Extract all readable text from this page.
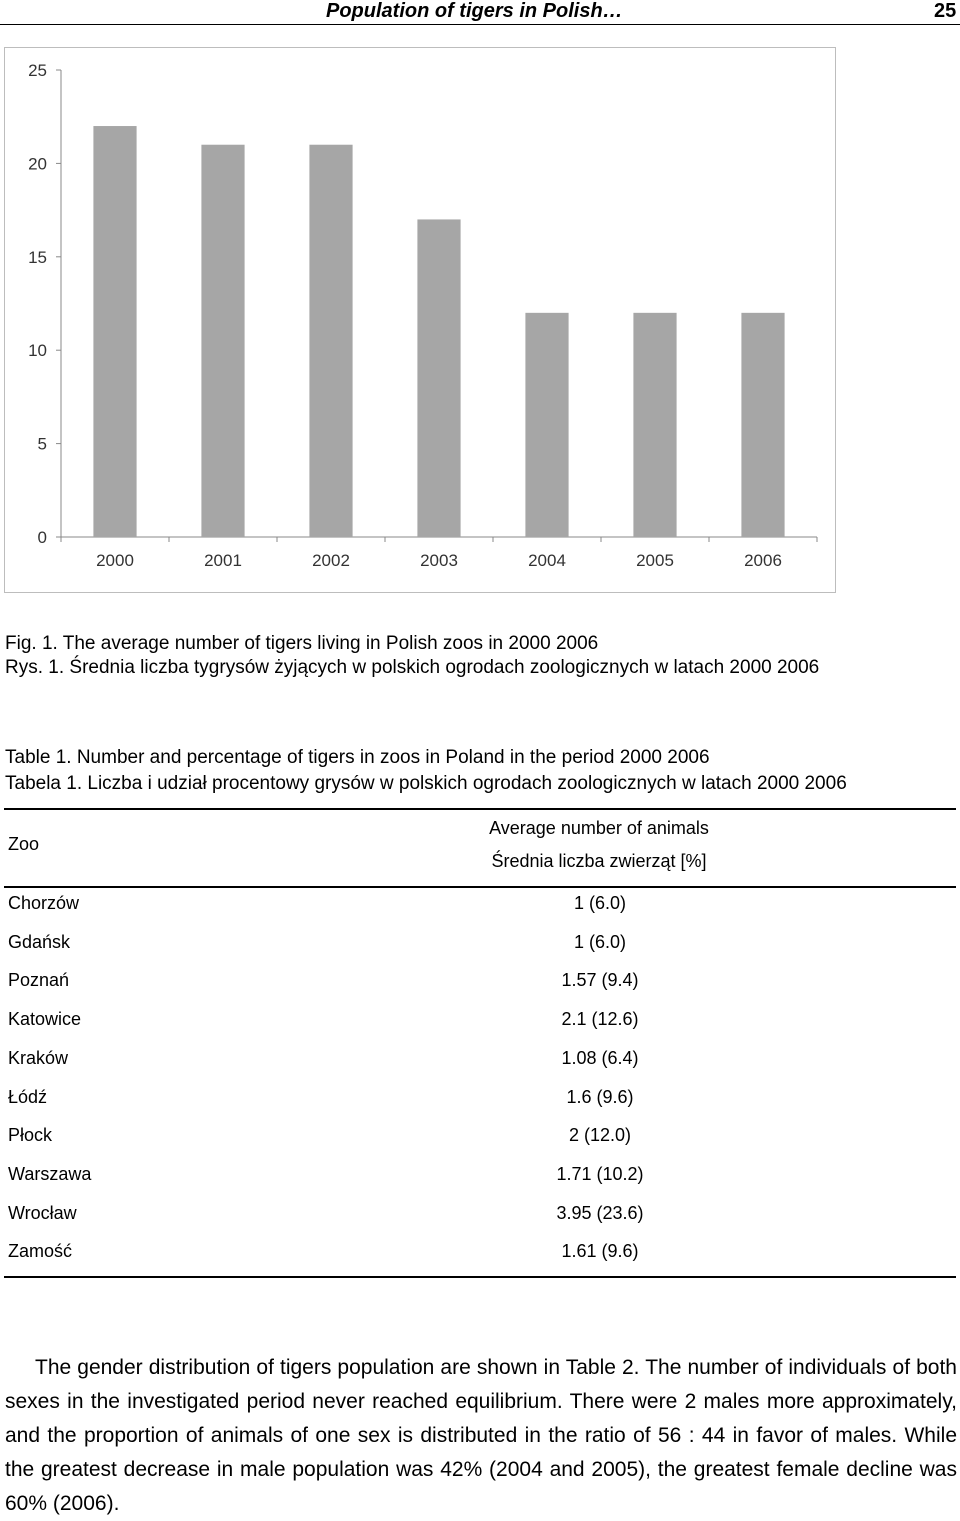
Population of tigers in Polish…	25
0
5
10
15
20
25
2000	2001	2002	2003	2004	2005	2006
Fig. 1. The average number of tigers living in Polish zoos in 2000 2006
Rys. 1. Średnia liczba tygrysów żyjących w polskich ogrodach zoologicznych w latach 2000 2006
Table 1. Number and percentage of tigers in zoos in Poland in the period 2000 2006
Tabela 1. Liczba i udział procentowy grysów w polskich ogrodach zoologicznych w latach 2000 2006
Zoo
Average number of animals
Średnia liczba zwierząt [%]
Chorzów	1 (6.0)
Gdańsk	1 (6.0)
Poznań	1.57 (9.4)
Katowice	2.1 (12.6)
Kraków	1.08 (6.4)
Łódź	1.6 (9.6)
Płock	2 (12.0)
Warszawa	1.71 (10.2)
Wrocław	3.95 (23.6)
Zamość	1.61 (9.6)

The gender distribution of tigers population are shown in Table 2. The number of individuals of both sexes in the investigated period never reached equilibrium. There were 2 males more approximately, and the proportion of animals of one sex is distributed in the ratio of 56 : 44 in favor of males. While the greatest decrease in male population was 42% (2004 and 2005), the greatest female decline was 60% (2006).
